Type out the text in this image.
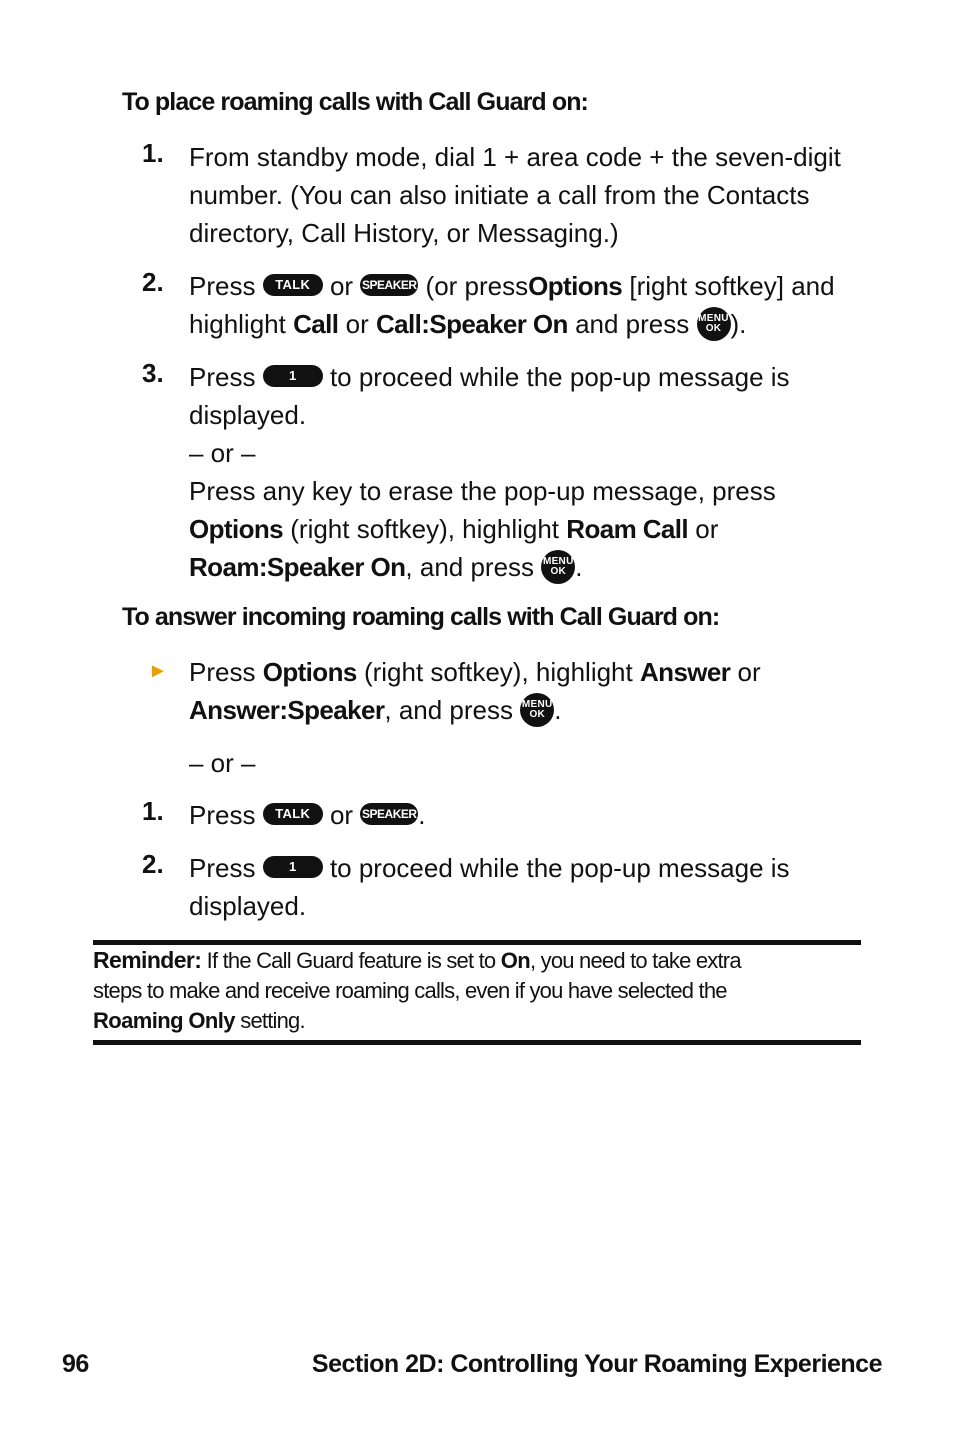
To place roaming calls with Call Guard on:
1. From standby mode, dial 1 + area code + the seven-digit
number. (You can also initiate a call from the Contacts
directory, Call History, or Messaging.)
2. Press TALK or SPEAKER (or pressOptions [right softkey] and
highlight Call or Call:Speaker On and press MENU
OK ).
3. Press	1 to proceed while the pop-up message is
displayed.
– or –
Press any key to erase the pop-up message, press
Options (right softkey), highlight Roam Call or
Roam:Speaker On, and press MENU
OK .
To answer incoming roaming calls with Call Guard on:
► Press Options (right softkey), highlight Answer or
Answer:Speaker, and press MENU
OK .
– or –
1. Press TALK or SPEAKER.
2. Press	1 to proceed while the pop-up message is
displayed.
Reminder: If the Call Guard feature is set to On, you need to take extra
steps to make and receive roaming calls, even if you have selected the
Roaming Only setting.
96	Section 2D: Controlling Your Roaming Experience
